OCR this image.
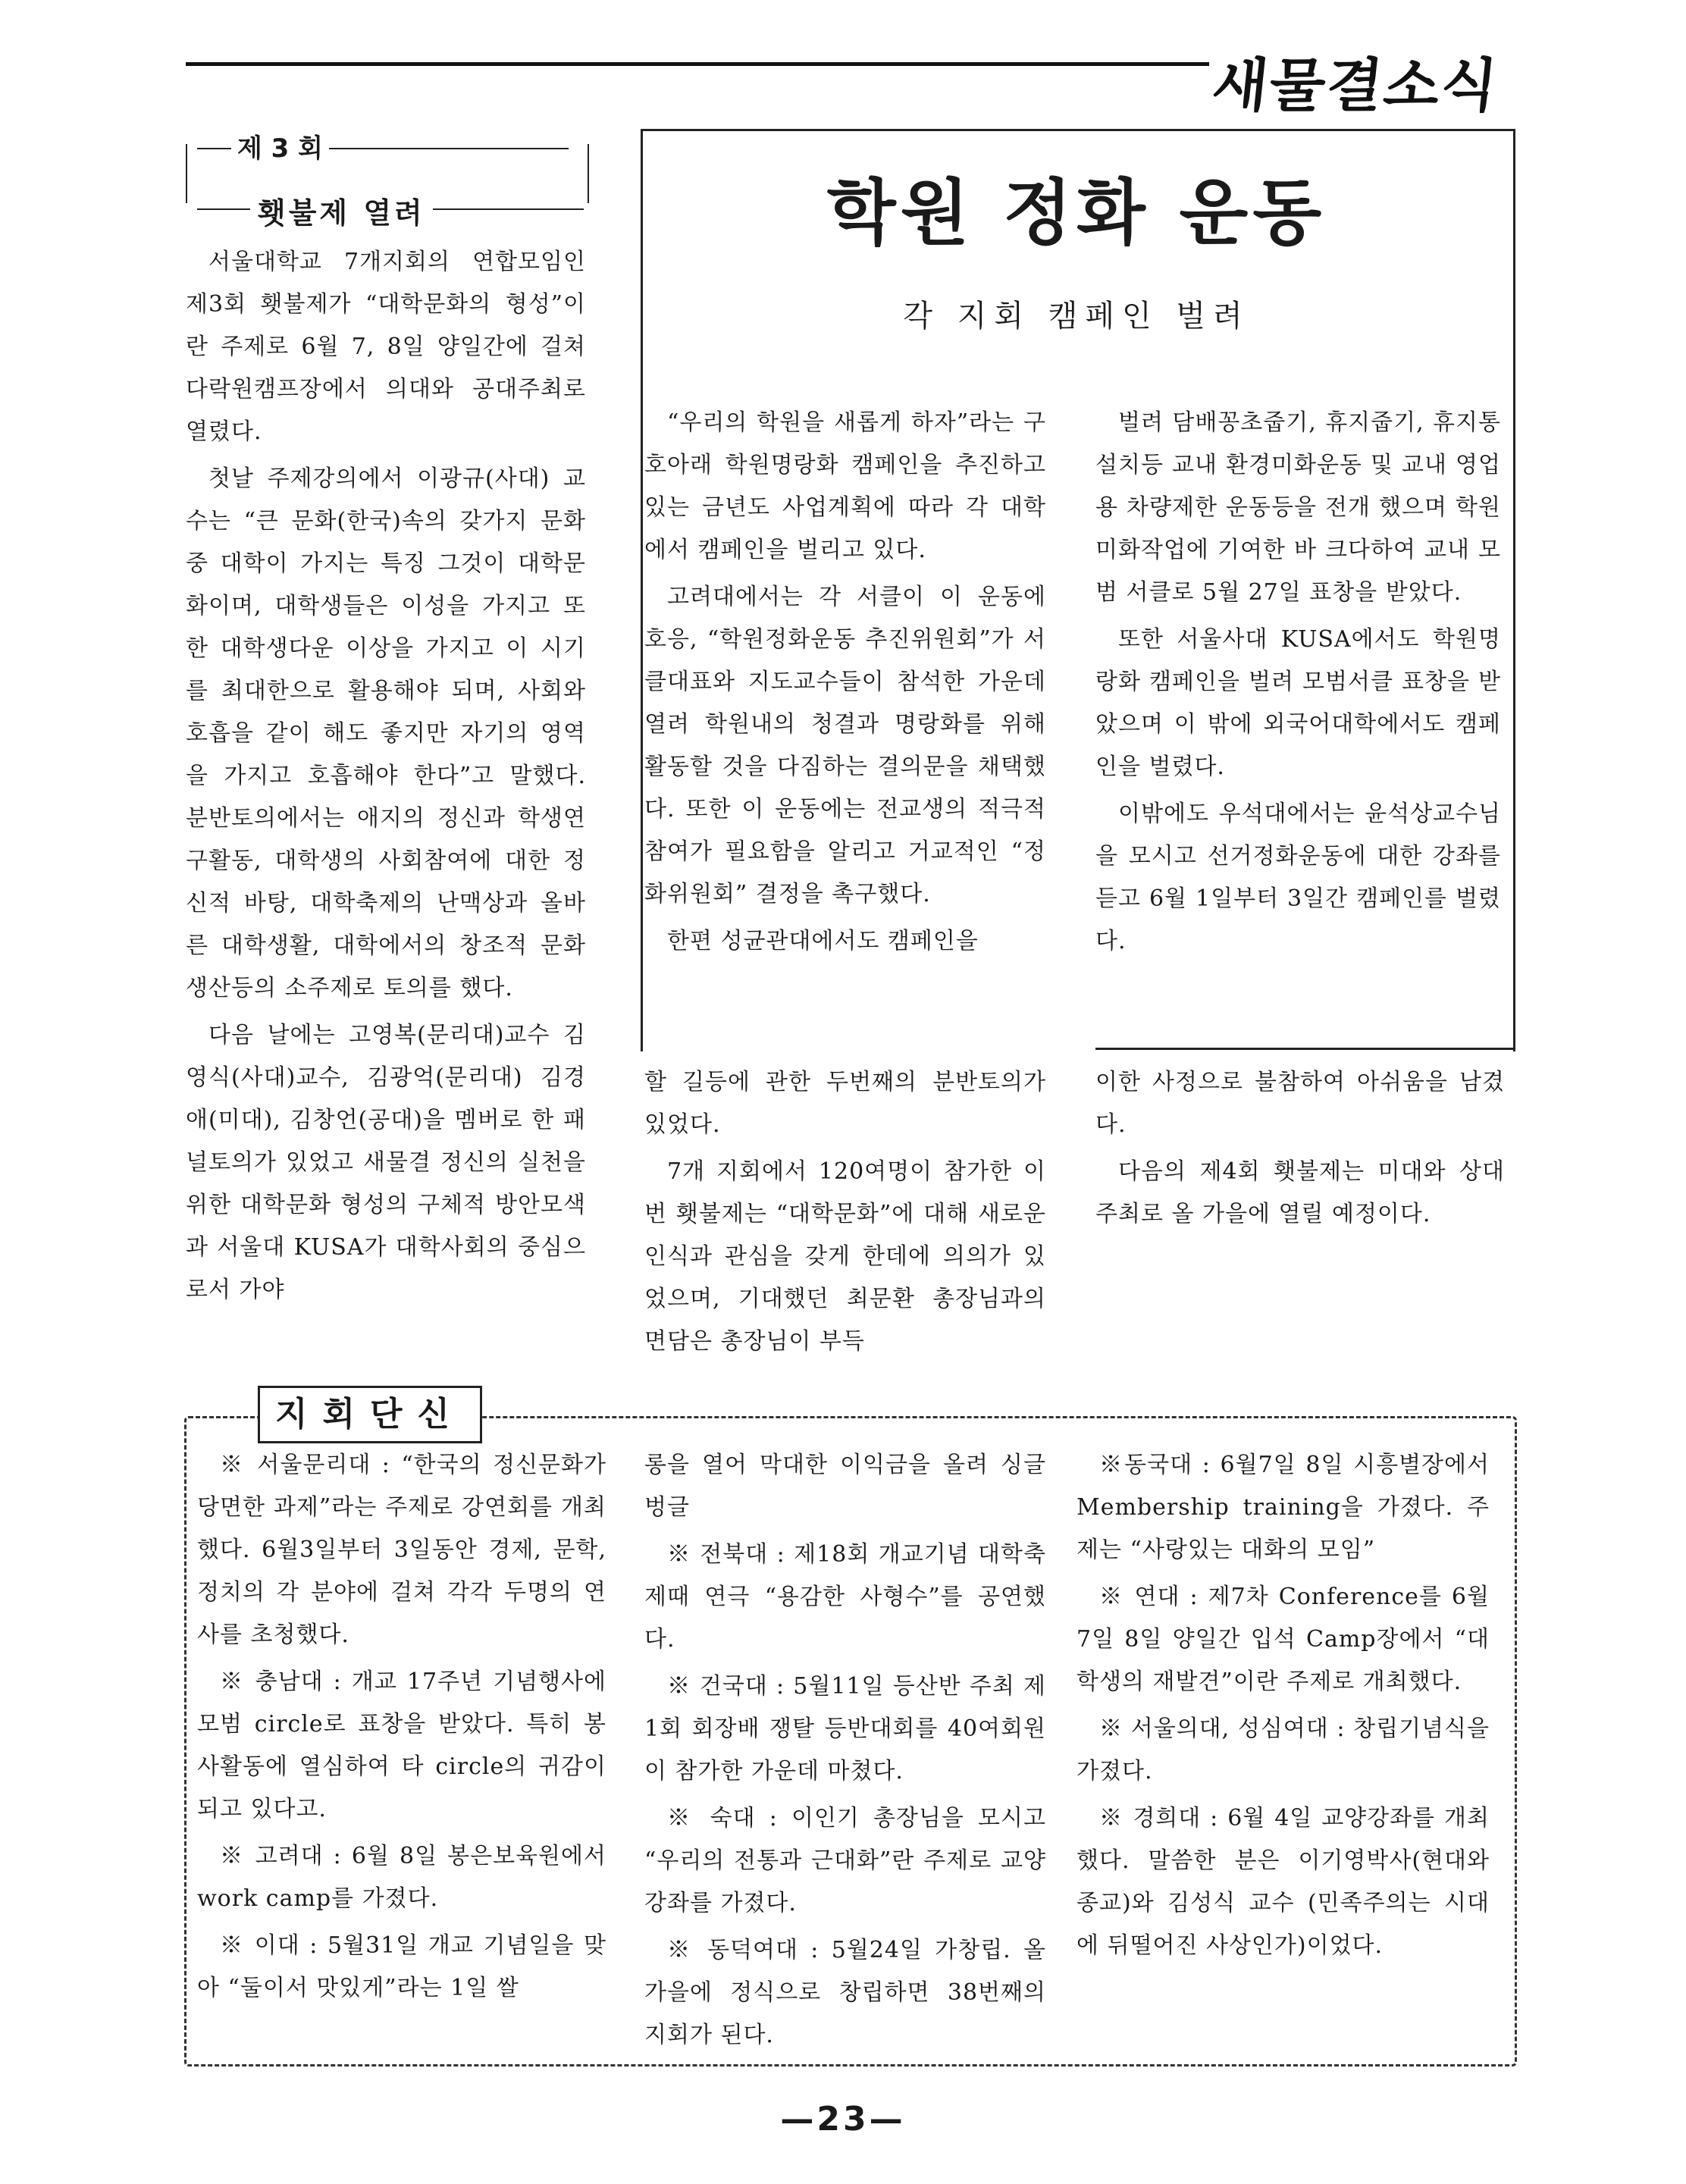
새물결소식
제 3 회
횃불제 열려

서울대학교 7개지회의 연합모임인 제3회 횃불제가 “대학문화의 형성”이란 주제로 6월 7, 8일 양일간에 걸쳐 다락원캠프장에서 의대와 공대주최로 열렸다.

첫날 주제강의에서 이광규(사대) 교수는 “큰 문화(한국)속의 갖가지 문화중 대학이 가지는 특징 그것이 대학문화이며, 대학생들은 이성을 가지고 또한 대학생다운 이상을 가지고 이 시기를 최대한으로 활용해야 되며, 사회와 호흡을 같이 해도 좋지만 자기의 영역을 가지고 호흡해야 한다”고 말했다. 분반토의에서는 애지의 정신과 학생연구활동, 대학생의 사회참여에 대한 정신적 바탕, 대학축제의 난맥상과 올바른 대학생활, 대학에서의 창조적 문화 생산등의 소주제로 토의를 했다.

다음 날에는 고영복(문리대)교수 김영식(사대)교수, 김광억(문리대) 김경애(미대), 김창언(공대)을 멤버로 한 패널토의가 있었고 새물결 정신의 실천을 위한 대학문화 형성의 구체적 방안모색과 서울대 KUSA가 대학사회의 중심으로서 가야

학원 정화 운동
각 지회 캠페인 벌려

“우리의 학원을 새롭게 하자”라는 구호아래 학원명랑화 캠페인을 추진하고 있는 금년도 사업계획에 따라 각 대학에서 캠페인을 벌리고 있다.

고려대에서는 각 서클이 이 운동에 호응, “학원정화운동 추진위원회”가 서클대표와 지도교수들이 참석한 가운데 열려 학원내의 청결과 명랑화를 위해 활동할 것을 다짐하는 결의문을 채택했다. 또한 이 운동에는 전교생의 적극적 참여가 필요함을 알리고 거교적인 “정화위원회” 결정을 촉구했다.

한편 성균관대에서도 캠페인을

벌려 담배꽁초줍기, 휴지줍기, 휴지통설치등 교내 환경미화운동 및 교내 영업용 차량제한 운동등을 전개 했으며 학원미화작업에 기여한 바 크다하여 교내 모범 서클로 5월 27일 표창을 받았다.

또한 서울사대 KUSA에서도 학원명랑화 캠페인을 벌려 모범서클 표창을 받았으며 이 밖에 외국어대학에서도 캠페인을 벌렸다.

이밖에도 우석대에서는 윤석상교수님을 모시고 선거정화운동에 대한 강좌를 듣고 6월 1일부터 3일간 캠페인를 벌렸다.

할 길등에 관한 두번째의 분반토의가 있었다.

7개 지회에서 120여명이 참가한 이번 횃불제는 “대학문화”에 대해 새로운 인식과 관심을 갖게 한데에 의의가 있었으며, 기대했던 최문환 총장님과의 면담은 총장님이 부득

이한 사정으로 불참하여 아쉬움을 남겼다.

다음의 제4회 횃불제는 미대와 상대주최로 올 가을에 열릴 예정이다.

지회단신

※ 서울문리대 : “한국의 정신문화가 당면한 과제”라는 주제로 강연회를 개최 했다. 6월3일부터 3일동안 경제, 문학, 정치의 각 분야에 걸쳐 각각 두명의 연사를 초청했다.

※ 충남대 : 개교 17주년 기념행사에 모범 circle로 표창을 받았다. 특히 봉사활동에 열심하여 타 circle의 귀감이 되고 있다고.

※ 고려대 : 6월 8일 봉은보육원에서 work camp를 가졌다.

※ 이대 : 5월31일 개교 기념일을 맞아 “둘이서 맛있게”라는 1일 쌀

롱을 열어 막대한 이익금을 올려 싱글벙글

※ 전북대 : 제18회 개교기념 대학축제때 연극 “용감한 사형수”를 공연했다.

※ 건국대 : 5월11일 등산반 주최 제1회 회장배 쟁탈 등반대회를 40여회원이 참가한 가운데 마쳤다.

※ 숙대 : 이인기 총장님을 모시고 “우리의 전통과 근대화”란 주제로 교양 강좌를 가졌다.

※ 동덕여대 : 5월24일 가창립. 올 가을에 정식으로 창립하면 38번째의 지회가 된다.

※동국대 : 6월7일 8일 시흥별장에서 Membership training을 가졌다. 주제는 “사랑있는 대화의 모임”

※ 연대 : 제7차 Conference를 6월7일 8일 양일간 입석 Camp장에서 “대학생의 재발견”이란 주제로 개최했다.

※ 서울의대, 성심여대 : 창립기념식을 가졌다.

※ 경희대 : 6월 4일 교양강좌를 개최했다. 말씀한 분은 이기영박사(현대와 종교)와 김성식 교수 (민족주의는 시대에 뒤떨어진 사상인가)이었다.

—23—
